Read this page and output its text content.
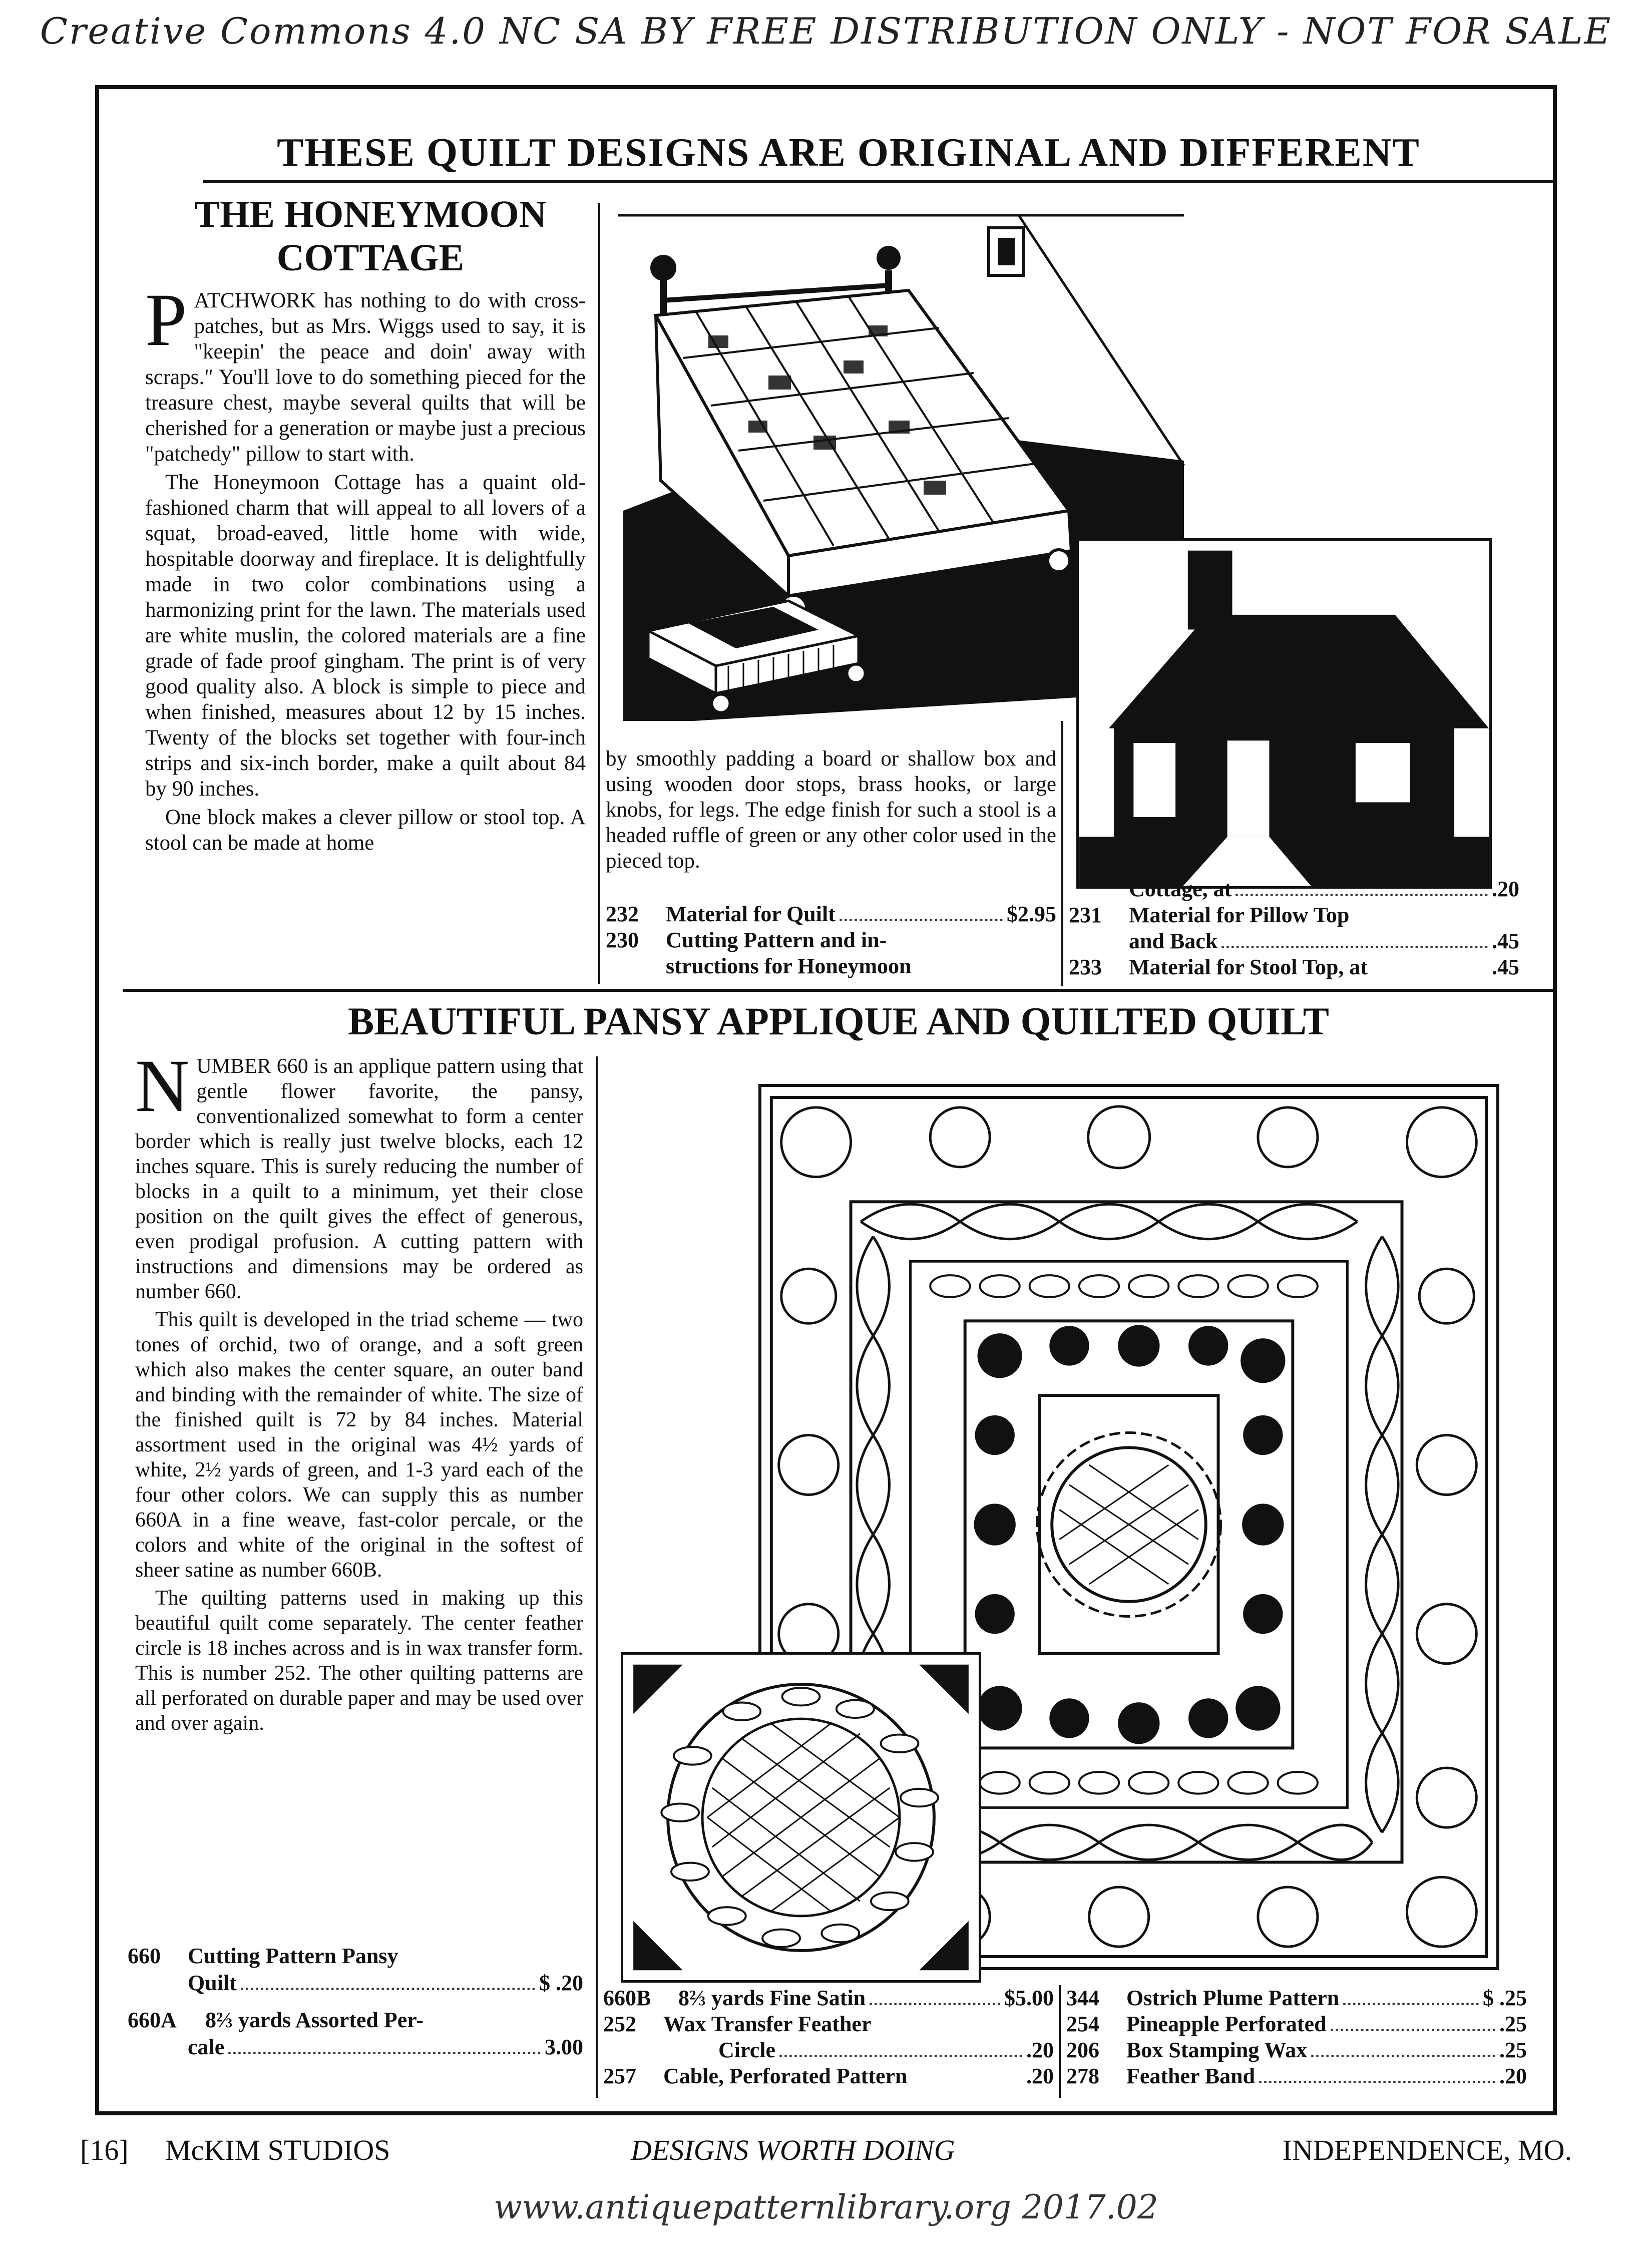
Creative Commons 4.0 NC SA BY FREE DISTRIBUTION ONLY - NOT FOR SALE
THESE QUILT DESIGNS ARE ORIGINAL AND DIFFERENT
THE HONEYMOON
COTTAGE

PATCHWORK has nothing to do with cross-patches, but as Mrs. Wiggs used to say, it is "keepin' the peace and doin' away with scraps." You'll love to do something pieced for the treasure chest, maybe several quilts that will be cherished for a generation or maybe just a precious "patchedy" pillow to start with.

The Honeymoon Cottage has a quaint old-fashioned charm that will appeal to all lovers of a squat, broad-eaved, little home with wide, hospitable doorway and fireplace. It is delightfully made in two color combinations using a harmonizing print for the lawn. The materials used are white muslin, the colored materials are a fine grade of fade proof gingham. The print is of very good quality also. A block is simple to piece and when finished, measures about 12 by 15 inches. Twenty of the blocks set together with four-inch strips and six-inch border, make a quilt about 84 by 90 inches.

One block makes a clever pillow or stool top. A stool can be made at home

by smoothly padding a board or shallow box and using wooden door stops, brass hooks, or large knobs, for legs. The edge finish for such a stool is a headed ruffle of green or any other color used in the pieced top.

232	Material for Quilt	$2.95
230	Cutting Pattern and in-
structions for Honeymoon
Cottage, at	.20
231	Material for Pillow Top
and Back	.45
233	Material for Stool Top, at	.45
BEAUTIFUL PANSY APPLIQUE AND QUILTED QUILT

NUMBER 660 is an applique pattern using that gentle flower favorite, the pansy, conventionalized somewhat to form a center border which is really just twelve blocks, each 12 inches square. This is surely reducing the number of blocks in a quilt to a minimum, yet their close position on the quilt gives the effect of generous, even prodigal profusion. A cutting pattern with instructions and dimensions may be ordered as number 660.

This quilt is developed in the triad scheme — two tones of orchid, two of orange, and a soft green which also makes the center square, an outer band and binding with the remainder of white. The size of the finished quilt is 72 by 84 inches. Material assortment used in the original was 4½ yards of white, 2½ yards of green, and 1-3 yard each of the four other colors. We can supply this as number 660A in a fine weave, fast-color percale, or the colors and white of the original in the softest of sheer satine as number 660B.

The quilting patterns used in making up this beautiful quilt come separately. The center feather circle is 18 inches across and is in wax transfer form. This is number 252. The other quilting patterns are all perforated on durable paper and may be used over and over again.

660	Cutting Pattern Pansy
Quilt	$ .20
660A	8⅔ yards Assorted Per-
cale	3.00
660B	8⅔ yards Fine Satin	$5.00
252	Wax Transfer Feather
Circle	.20
257	Cable, Perforated Pattern	.20
344	Ostrich Plume Pattern	$ .25
254	Pineapple Perforated	.25
206	Box Stamping Wax	.25
278	Feather Band	.20
[16]	McKIM STUDIOS	DESIGNS WORTH DOING	INDEPENDENCE, MO.
www.antiquepatternlibrary.org 2017.02
